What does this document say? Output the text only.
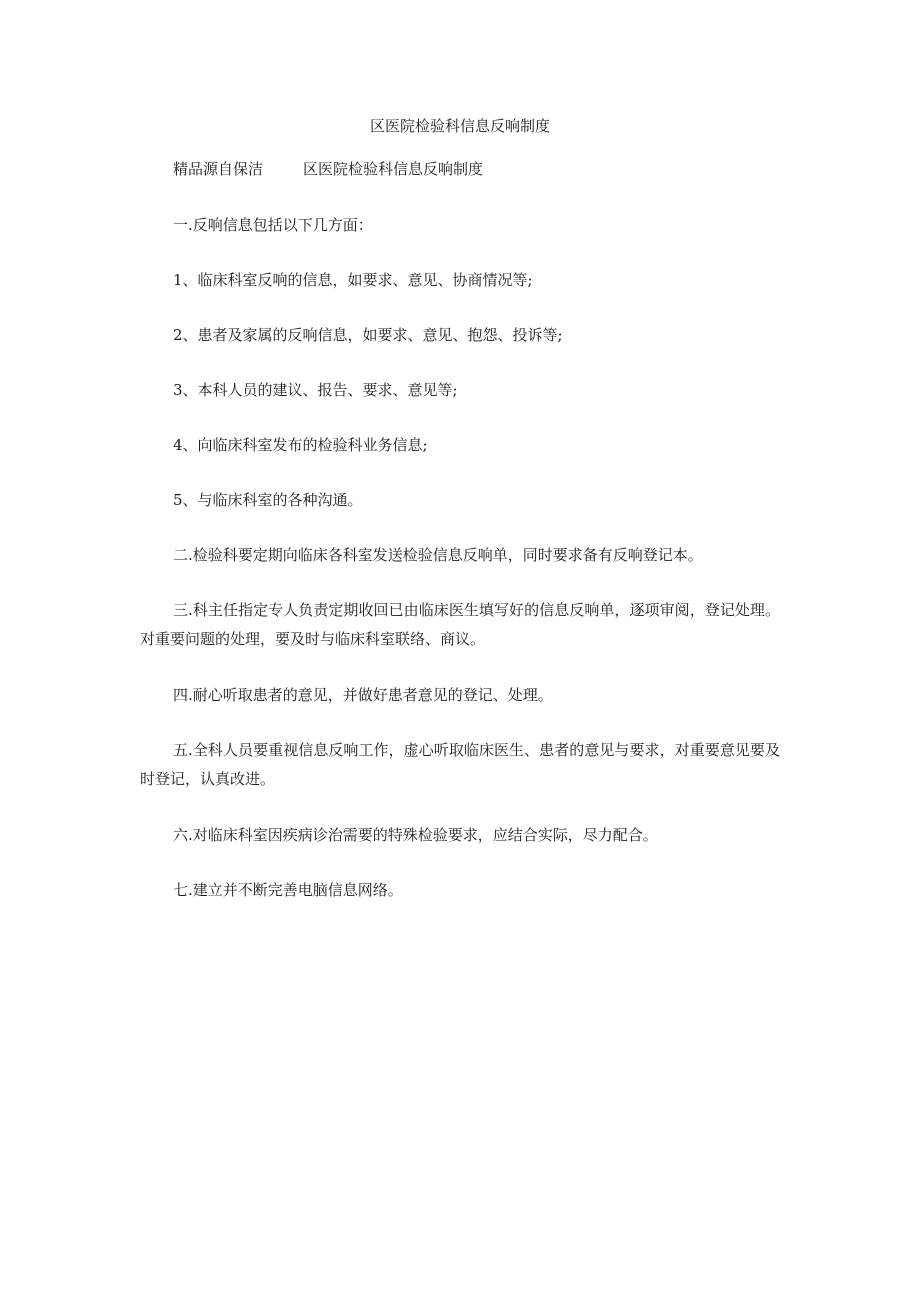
区医院检验科信息反响制度

精品源自保洁	区医院检验科信息反响制度

一.反响信息包括以下几方面：

1、临床科室反响的信息，如要求、意见、协商情况等;

2、患者及家属的反响信息，如要求、意见、抱怨、投诉等;

3、本科人员的建议、报告、要求、意见等;

4、向临床科室发布的检验科业务信息;

5、与临床科室的各种沟通。

二.检验科要定期向临床各科室发送检验信息反响单，同时要求备有反响登记本。

三.科主任指定专人负责定期收回已由临床医生填写好的信息反响单，逐项审阅，登记处理。对重要问题的处理，要及时与临床科室联络、商议。

四.耐心听取患者的意见，并做好患者意见的登记、处理。

五.全科人员要重视信息反响工作，虚心听取临床医生、患者的意见与要求，对重要意见要及时登记，认真改进。

六.对临床科室因疾病诊治需要的特殊检验要求，应结合实际，尽力配合。

七.建立并不断完善电脑信息网络。
